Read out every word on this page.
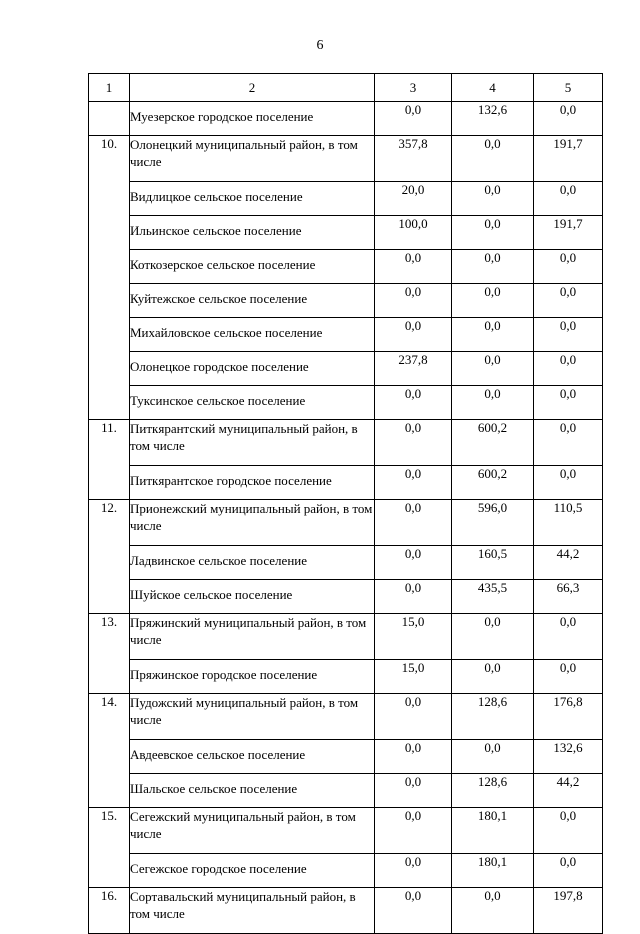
6
1	2	3	4	5
	Муезерское городское поселение	0,0	132,6	0,0
10.	Олонецкий муниципальный район, в том числе	357,8	0,0	191,7
	Видлицкое сельское поселение	20,0	0,0	0,0
	Ильинское сельское поселение	100,0	0,0	191,7
	Коткозерское сельское поселение	0,0	0,0	0,0
	Куйтежское сельское поселение	0,0	0,0	0,0
	Михайловское сельское поселение	0,0	0,0	0,0
	Олонецкое городское поселение	237,8	0,0	0,0
	Туксинское сельское поселение	0,0	0,0	0,0
11.	Питкярантский муниципальный район, в том числе	0,0	600,2	0,0
	Питкярантское городское поселение	0,0	600,2	0,0
12.	Прионежский муниципальный район, в том числе	0,0	596,0	110,5
	Ладвинское сельское поселение	0,0	160,5	44,2
	Шуйское сельское поселение	0,0	435,5	66,3
13.	Пряжинский муниципальный район, в том числе	15,0	0,0	0,0
	Пряжинское городское поселение	15,0	0,0	0,0
14.	Пудожский муниципальный район, в том числе	0,0	128,6	176,8
	Авдеевское сельское поселение	0,0	0,0	132,6
	Шальское сельское поселение	0,0	128,6	44,2
15.	Сегежский муниципальный район, в том числе	0,0	180,1	0,0
	Сегежское городское поселение	0,0	180,1	0,0
16.	Сортавальский муниципальный район, в том числе	0,0	0,0	197,8
